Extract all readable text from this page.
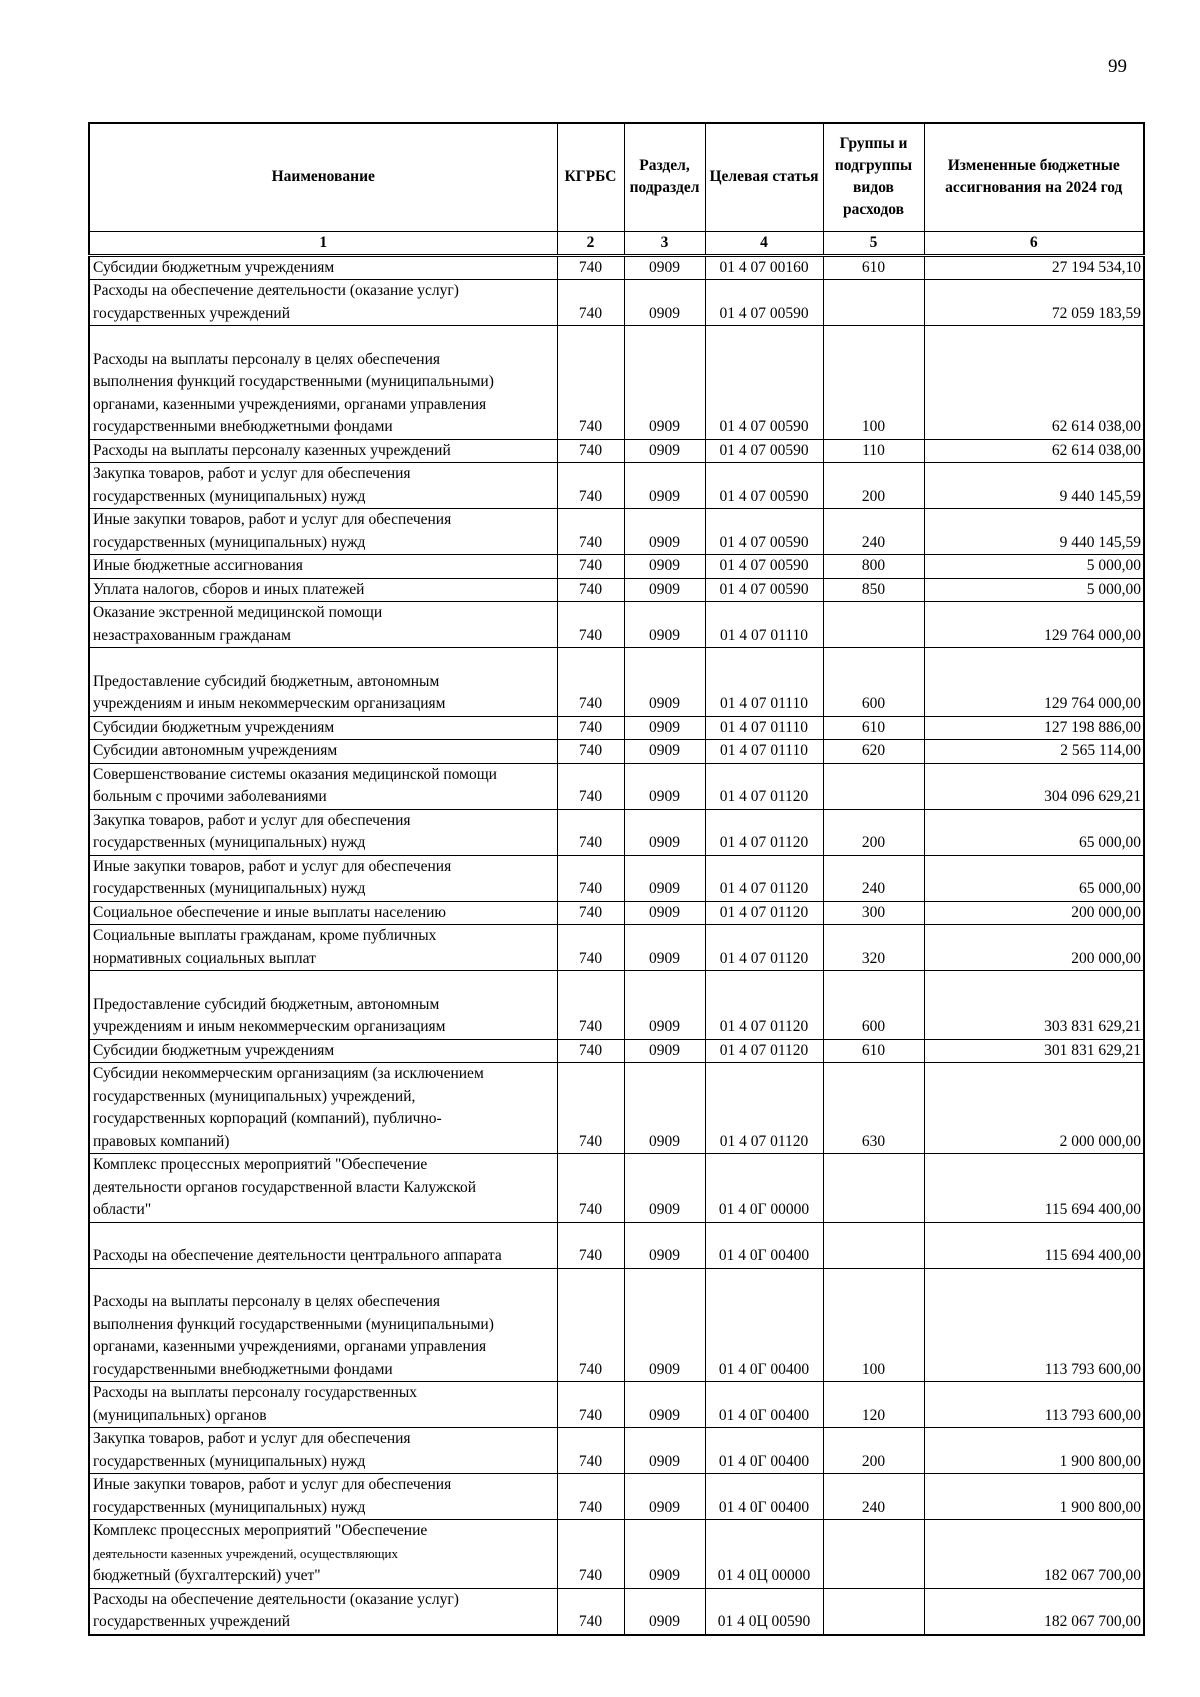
99
Наименование	КГРБС	Раздел, подраздел	Целевая статья	Группы и подгруппы видов расходов	Измененные бюджетные ассигнования на 2024 год
1	2	3	4	5	6

Субсидии бюджетным учреждениям	740	0909	01 4 07 00160	610	27 194 534,10

Расходы на обеспечение деятельности (оказание услуг)
государственных учреждений	740	0909	01 4 07 00590		72 059 183,59

Расходы на выплаты персоналу в целях обеспечения
выполнения функций государственными (муниципальными)
органами, казенными учреждениями, органами управления
государственными внебюджетными фондами	740	0909	01 4 07 00590	100	62 614 038,00

Расходы на выплаты персоналу казенных учреждений	740	0909	01 4 07 00590	110	62 614 038,00

Закупка товаров, работ и услуг для обеспечения
государственных (муниципальных) нужд	740	0909	01 4 07 00590	200	9 440 145,59

Иные закупки товаров, работ и услуг для обеспечения
государственных (муниципальных) нужд	740	0909	01 4 07 00590	240	9 440 145,59

Иные бюджетные ассигнования	740	0909	01 4 07 00590	800	5 000,00

Уплата налогов, сборов и иных платежей	740	0909	01 4 07 00590	850	5 000,00

Оказание экстренной медицинской помощи
незастрахованным гражданам	740	0909	01 4 07 01110		129 764 000,00

Предоставление субсидий бюджетным, автономным
учреждениям и иным некоммерческим организациям	740	0909	01 4 07 01110	600	129 764 000,00

Субсидии бюджетным учреждениям	740	0909	01 4 07 01110	610	127 198 886,00

Субсидии автономным учреждениям	740	0909	01 4 07 01110	620	2 565 114,00

Совершенствование системы оказания медицинской помощи
больным с прочими заболеваниями	740	0909	01 4 07 01120		304 096 629,21

Закупка товаров, работ и услуг для обеспечения
государственных (муниципальных) нужд	740	0909	01 4 07 01120	200	65 000,00

Иные закупки товаров, работ и услуг для обеспечения
государственных (муниципальных) нужд	740	0909	01 4 07 01120	240	65 000,00

Социальное обеспечение и иные выплаты населению	740	0909	01 4 07 01120	300	200 000,00

Социальные выплаты гражданам, кроме публичных
нормативных социальных выплат	740	0909	01 4 07 01120	320	200 000,00

Предоставление субсидий бюджетным, автономным
учреждениям и иным некоммерческим организациям	740	0909	01 4 07 01120	600	303 831 629,21

Субсидии бюджетным учреждениям	740	0909	01 4 07 01120	610	301 831 629,21

Субсидии некоммерческим организациям (за исключением
государственных (муниципальных) учреждений,
государственных корпораций (компаний), публично-
правовых компаний)	740	0909	01 4 07 01120	630	2 000 000,00

Комплекс процессных мероприятий "Обеспечение
деятельности органов государственной власти Калужской
области"	740	0909	01 4 0Г 00000		115 694 400,00

Расходы на обеспечение деятельности центрального аппарата	740	0909	01 4 0Г 00400		115 694 400,00

Расходы на выплаты персоналу в целях обеспечения
выполнения функций государственными (муниципальными)
органами, казенными учреждениями, органами управления
государственными внебюджетными фондами	740	0909	01 4 0Г 00400	100	113 793 600,00

Расходы на выплаты персоналу государственных
(муниципальных) органов	740	0909	01 4 0Г 00400	120	113 793 600,00

Закупка товаров, работ и услуг для обеспечения
государственных (муниципальных) нужд	740	0909	01 4 0Г 00400	200	1 900 800,00

Иные закупки товаров, работ и услуг для обеспечения
государственных (муниципальных) нужд	740	0909	01 4 0Г 00400	240	1 900 800,00

Комплекс процессных мероприятий "Обеспечение
деятельности казенных учреждений, осуществляющих
бюджетный (бухгалтерский) учет"	740	0909	01 4 0Ц 00000		182 067 700,00

Расходы на обеспечение деятельности (оказание услуг)
государственных учреждений	740	0909	01 4 0Ц 00590		182 067 700,00
